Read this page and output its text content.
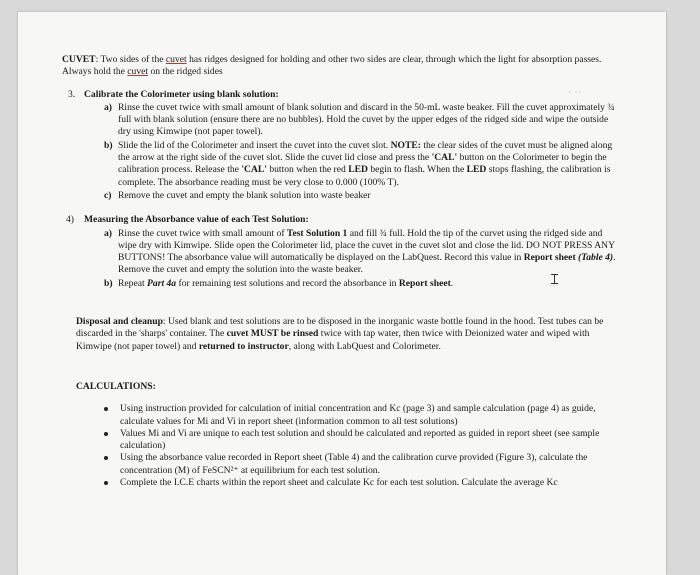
CUVET: Two sides of the cuvet has ridges designed for holding and other two sides are clear, through which the light for absorption passes. Always hold the cuvet on the ridged sides

3. Calibrate the Colorimeter using blank solution:
a) Rinse the cuvet twice with small amount of blank solution and discard in the 50-mL waste beaker. Fill the cuvet approximately ¾ full with blank solution (ensure there are no bubbles). Hold the cuvet by the upper edges of the ridged side and wipe the outside dry using Kimwipe (not paper towel).
b) Slide the lid of the Colorimeter and insert the cuvet into the cuvet slot. NOTE: the clear sides of the cuvet must be aligned along the arrow at the right side of the cuvet slot. Slide the cuvet lid close and press the 'CAL' button on the Colorimeter to begin the calibration process. Release the 'CAL' button when the red LED begin to flash. When the LED stops flashing, the calibration is complete. The absorbance reading must be very close to 0.000 (100% T).
c) Remove the cuvet and empty the blank solution into waste beaker
· ··
4) Measuring the Absorbance value of each Test Solution:
a) Rinse the cuvet twice with small amount of Test Solution 1 and fill ¾ full. Hold the tip of the curvet using the ridged side and wipe dry with Kimwipe. Slide open the Colorimeter lid, place the cuvet in the cuvet slot and close the lid. DO NOT PRESS ANY BUTTONS! The absorbance value will automatically be displayed on the LabQuest. Record this value in Report sheet (Table 4). Remove the cuvet and empty the solution into the waste beaker.
b) Repeat Part 4a for remaining test solutions and record the absorbance in Report sheet.

Disposal and cleanup: Used blank and test solutions are to be disposed in the inorganic waste bottle found in the hood. Test tubes can be discarded in the 'sharps' container. The cuvet MUST be rinsed twice with tap water, then twice with Deionized water and wiped with Kimwipe (not paper towel) and returned to instructor, along with LabQuest and Colorimeter.

CALCULATIONS:
Using instruction provided for calculation of initial concentration and Kc (page 3) and sample calculation (page 4) as guide, calculate values for Mi and Vi in report sheet (information common to all test solutions)
Values Mi and Vi are unique to each test solution and should be calculated and reported as guided in report sheet (see sample calculation)
Using the absorbance value recorded in Report sheet (Table 4) and the calibration curve provided (Figure 3), calculate the concentration (M) of FeSCN²⁺ at equilibrium for each test solution.
Complete the I.C.E charts within the report sheet and calculate Kc for each test solution. Calculate the average Kc
